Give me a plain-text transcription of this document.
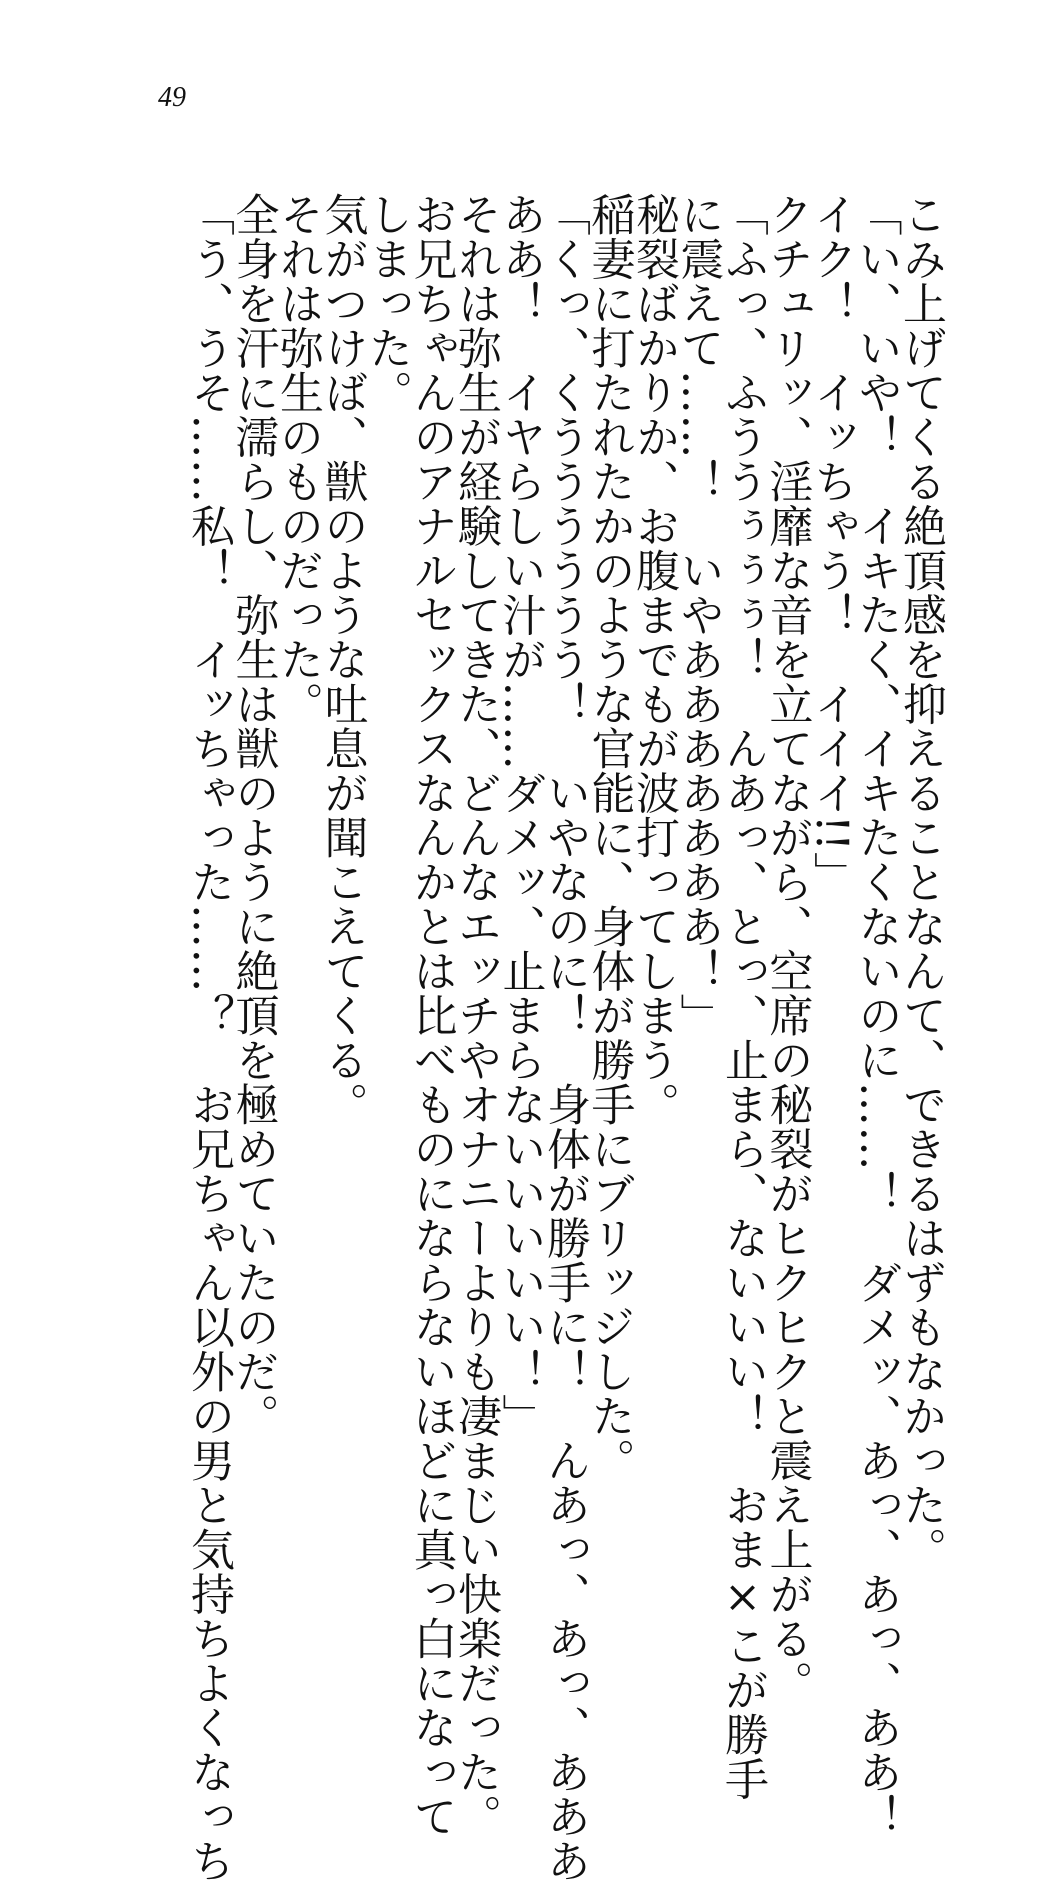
49
こみ上げてくる絶頂感を抑えることなんて、できるはずもなかった。
「い、いや！　イキたく、イキたくないのに……！　ダメッ、あっ、あっ、ああ！
イク！　イッちゃう！　イイイ!!」
クチュリッ、淫靡な音を立てながら、空席の秘裂がヒクヒクと震え上がる。
「ふっ、ふううぅぅぅ！　んあっ、とっ、止まら、ないいい！　おま×こが勝手
に震えて……！　いやあああああああ！」
秘裂ばかりか、お腹までもが波打ってしまう。
稲妻に打たれたかのような官能に、身体が勝手にブリッジした。
「くっ、くうううううう！　いやなのに！　身体が勝手に！　んあっ、あっ、あああ
ああ！　イヤらしい汁が……ダメッ、止まらないいいいい！」
それは弥生が経験してきた、どんなエッチやオナニーよりも凄まじい快楽だった。
お兄ちゃんのアナルセックスなんかとは比べものにならないほどに真っ白になって
しまった。
気がつけば、獣のような吐息が聞こえてくる。
それは弥生のものだった。
全身を汗に濡らし、弥生は獣のように絶頂を極めていたのだ。
「う、うそ……私！　イッちゃった……？　お兄ちゃん以外の男と気持ちよくなっち
